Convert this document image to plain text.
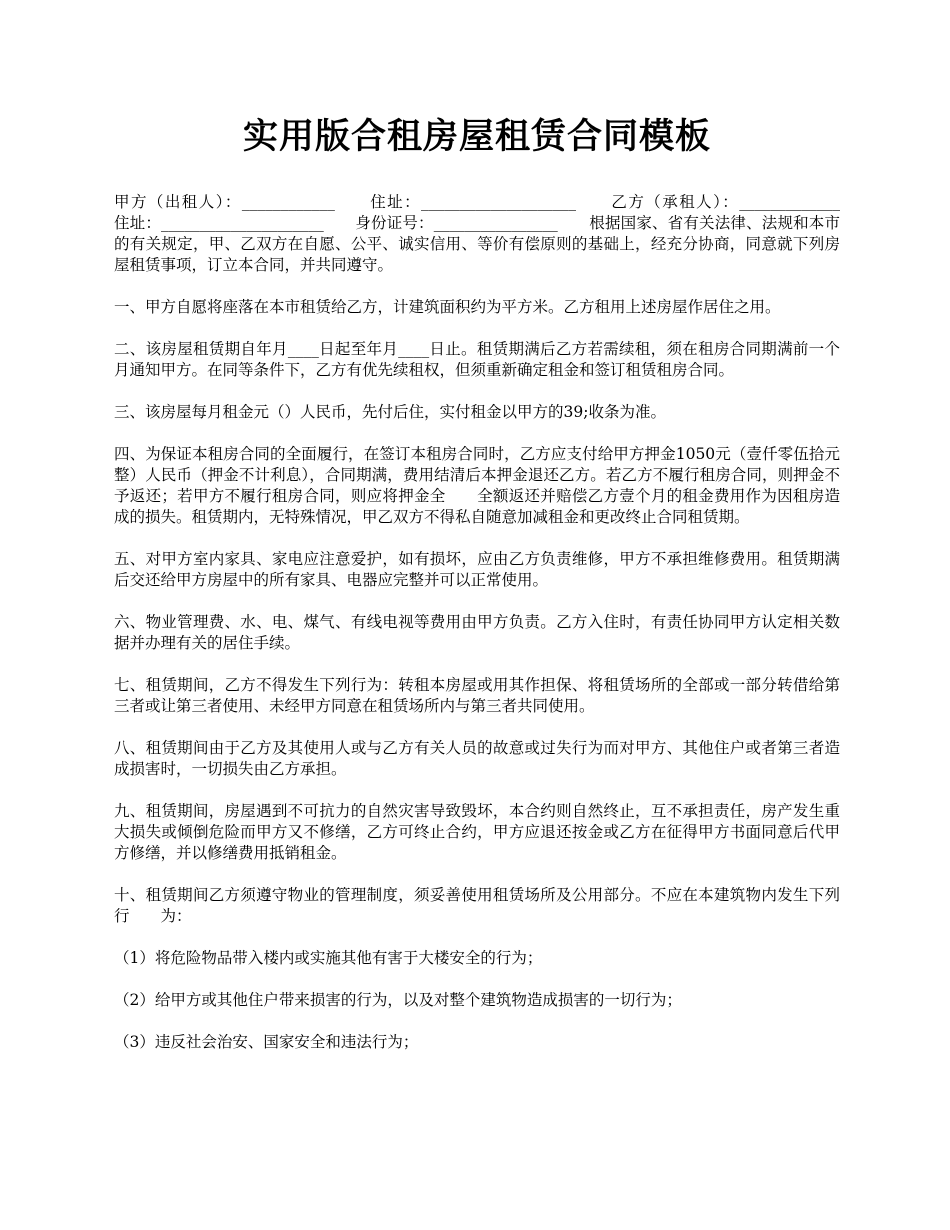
实用版合租房屋租赁合同模板

甲方（出租人）：____________　　住址：____________________　　乙方（承租人）：_____________　　住址：_____________________　　身份证号：________________　　根据国家、省有关法律、法规和本市的有关规定，甲、乙双方在自愿、公平、诚实信用、等价有偿原则的基础上，经充分协商，同意就下列房屋租赁事项，订立本合同，并共同遵守。

一、甲方自愿将座落在本市租赁给乙方，计建筑面积约为平方米。乙方租用上述房屋作居住之用。

二、该房屋租赁期自年月____日起至年月____日止。租赁期满后乙方若需续租，须在租房合同期满前一个月通知甲方。在同等条件下，乙方有优先续租权，但须重新确定租金和签订租赁租房合同。

三、该房屋每月租金元（）人民币，先付后住，实付租金以甲方的39;收条为准。

四、为保证本租房合同的全面履行，在签订本租房合同时，乙方应支付给甲方押金1050元（壹仟零伍拾元整）人民币（押金不计利息），合同期满，费用结清后本押金退还乙方。若乙方不履行租房合同，则押金不予返还；若甲方不履行租房合同，则应将押金全　　全额返还并赔偿乙方壹个月的租金费用作为因租房造成的损失。租赁期内，无特殊情况，甲乙双方不得私自随意加减租金和更改终止合同租赁期。

五、对甲方室内家具、家电应注意爱护，如有损坏，应由乙方负责维修，甲方不承担维修费用。租赁期满后交还给甲方房屋中的所有家具、电器应完整并可以正常使用。

六、物业管理费、水、电、煤气、有线电视等费用由甲方负责。乙方入住时，有责任协同甲方认定相关数据并办理有关的居住手续。

七、租赁期间，乙方不得发生下列行为：转租本房屋或用其作担保、将租赁场所的全部或一部分转借给第三者或让第三者使用、未经甲方同意在租赁场所内与第三者共同使用。

八、租赁期间由于乙方及其使用人或与乙方有关人员的故意或过失行为而对甲方、其他住户或者第三者造成损害时，一切损失由乙方承担。

九、租赁期间，房屋遇到不可抗力的自然灾害导致毁坏，本合约则自然终止，互不承担责任，房产发生重大损失或倾倒危险而甲方又不修缮，乙方可终止合约，甲方应退还按金或乙方在征得甲方书面同意后代甲方修缮，并以修缮费用抵销租金。

十、租赁期间乙方须遵守物业的管理制度，须妥善使用租赁场所及公用部分。不应在本建筑物内发生下列行　　为：

（1）将危险物品带入楼内或实施其他有害于大楼安全的行为；

（2）给甲方或其他住户带来损害的行为，以及对整个建筑物造成损害的一切行为；

（3）违反社会治安、国家安全和违法行为；
